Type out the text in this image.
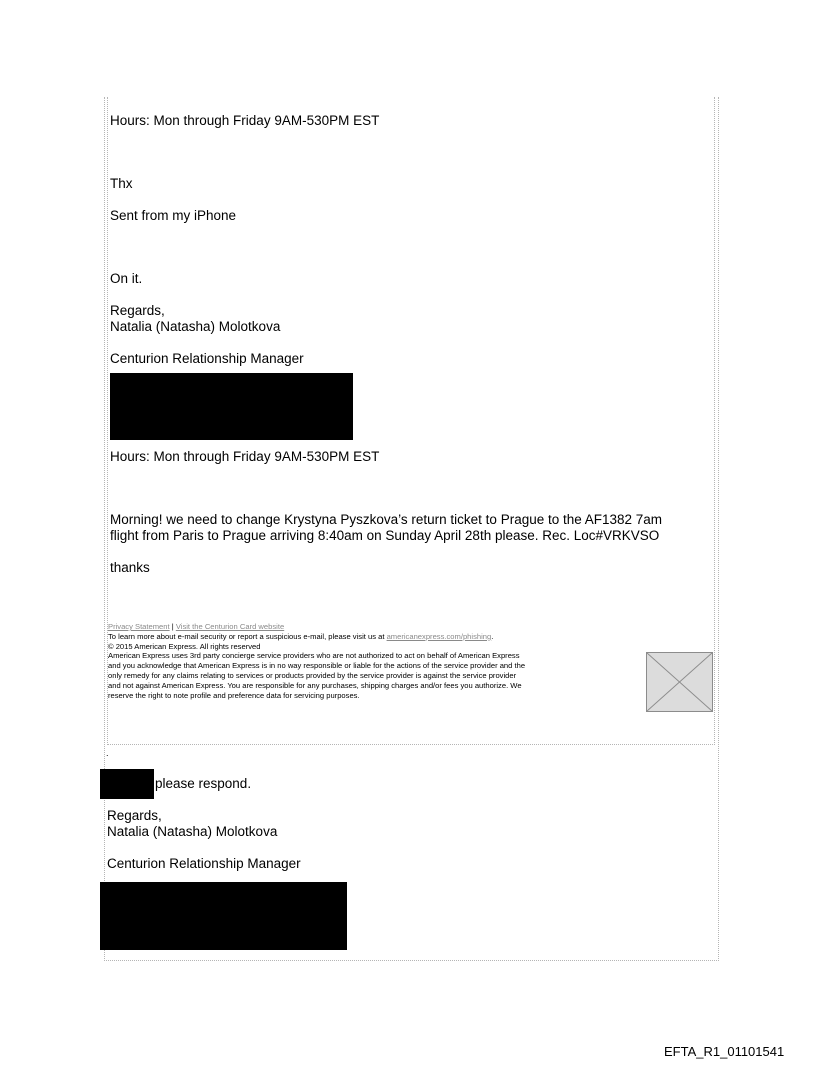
Hours: Mon through Friday 9AM-530PM EST
Thx
Sent from my iPhone
On it.
Regards,
Natalia (Natasha) Molotkova
Centurion Relationship Manager
Hours: Mon through Friday 9AM-530PM EST
Morning! we need to change Krystyna Pyszkova’s return ticket to Prague to the AF1382 7am
flight from Paris to Prague arriving 8:40am on Sunday April 28th please. Rec. Loc#VRKVSO
thanks

Privacy Statement | Visit the Centurion Card website

To learn more about e-mail security or report a suspicious e-mail, please visit us at americanexpress.com/phishing.

© 2015 American Express. All rights reserved

American Express uses 3rd party concierge service providers who are not authorized to act on behalf of American Express

and you acknowledge that American Express is in no way responsible or liable for the actions of the service provider and the

only remedy for any claims relating to services or products provided by the service provider is against the service provider

and not against American Express. You are responsible for any purchases, shipping charges and/or fees you authorize. We

reserve the right to note profile and preference data for servicing purposes.

.
please respond.
Regards,
Natalia (Natasha) Molotkova
Centurion Relationship Manager
EFTA_R1_01101541
